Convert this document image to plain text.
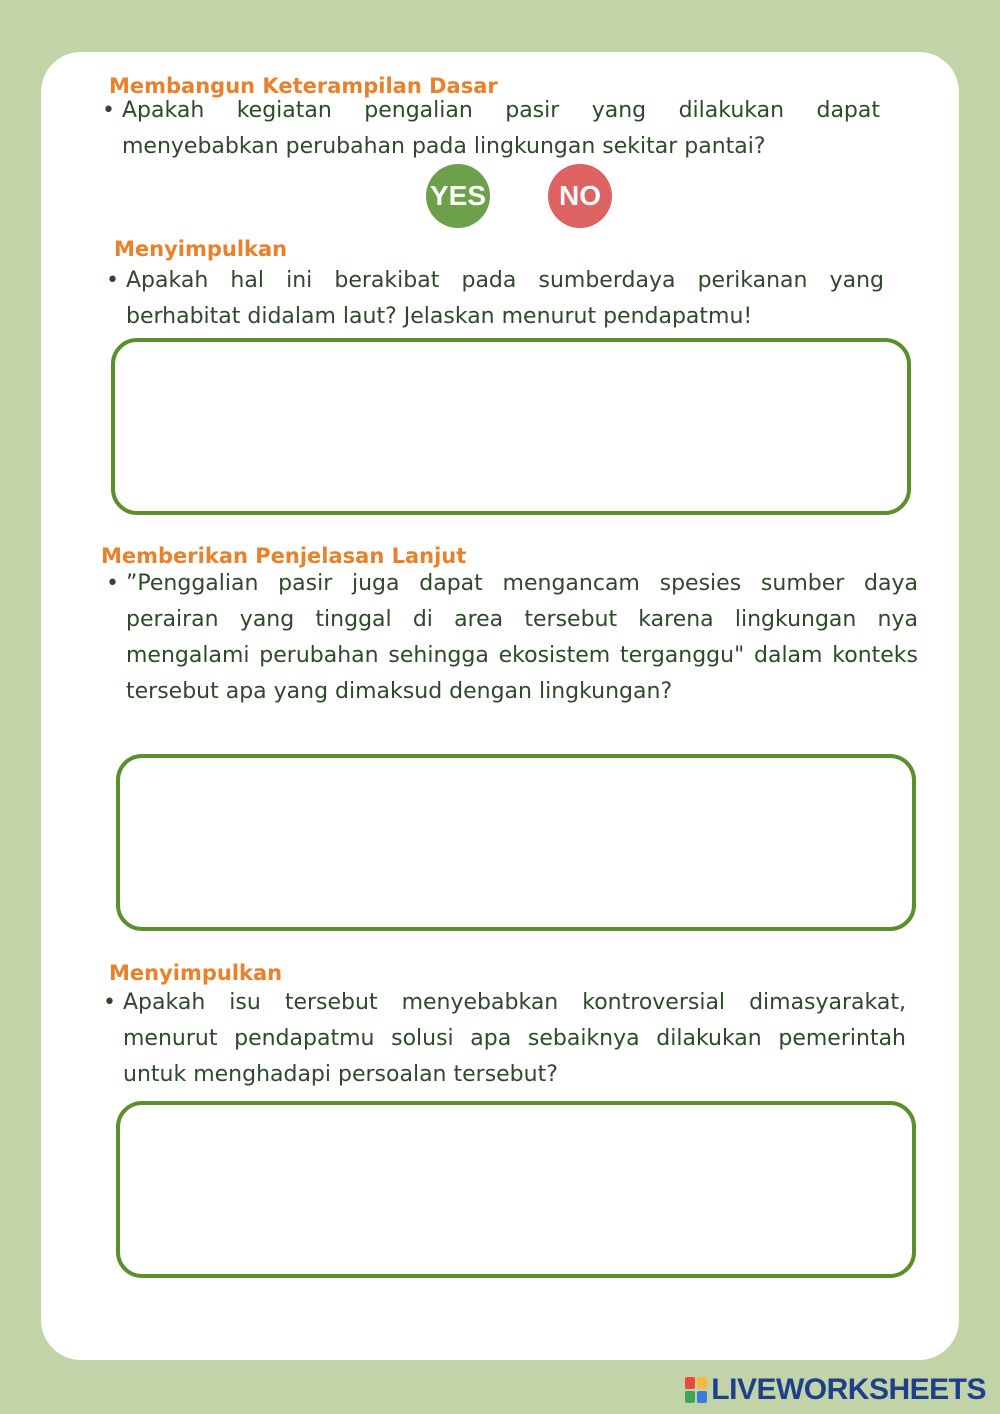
Membangun Keterampilan Dasar
• Apakah kegiatan pengalian pasir yang dilakukan dapat menyebabkan perubahan pada lingkungan sekitar pantai?
YES	NO
Menyimpulkan
• Apakah hal ini berakibat pada sumberdaya perikanan yang berhabitat didalam laut? Jelaskan menurut pendapatmu!
Memberikan Penjelasan Lanjut
• ”Penggalian pasir juga dapat mengancam spesies sumber daya perairan yang tinggal di area tersebut karena lingkungan nya mengalami perubahan sehingga ekosistem terganggu" dalam konteks tersebut apa yang dimaksud dengan lingkungan?
Menyimpulkan
• Apakah isu tersebut menyebabkan kontroversial dimasyarakat, menurut pendapatmu solusi apa sebaiknya dilakukan pemerintah untuk menghadapi persoalan tersebut?
LIVEWORKSHEETS
